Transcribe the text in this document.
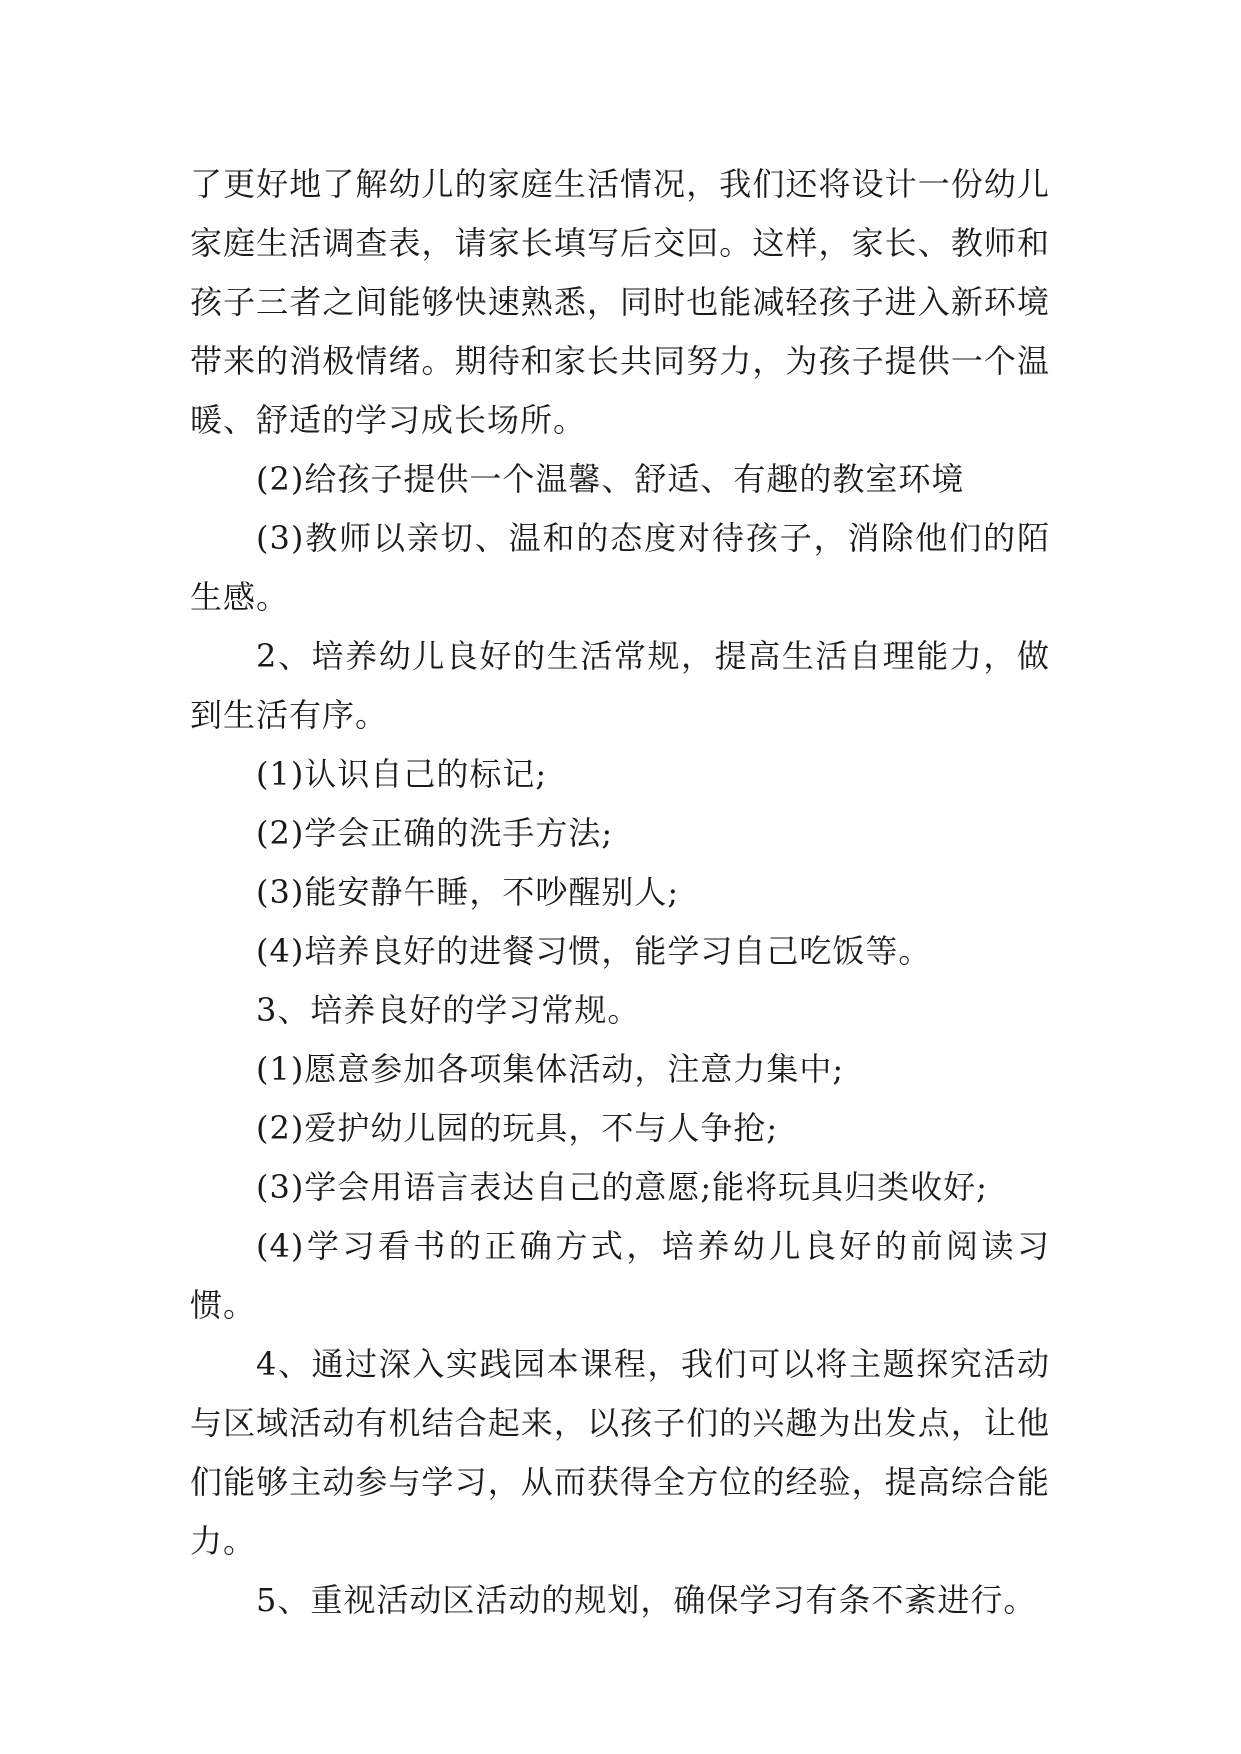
了更好地了解幼儿的家庭生活情况，我们还将设计一份幼儿家庭生活调查表，请家长填写后交回。这样，家长、教师和孩子三者之间能够快速熟悉，同时也能减轻孩子进入新环境带来的消极情绪。期待和家长共同努力，为孩子提供一个温暖、舒适的学习成长场所。

(2)给孩子提供一个温馨、舒适、有趣的教室环境

(3)教师以亲切、温和的态度对待孩子，消除他们的陌生感。

2、培养幼儿良好的生活常规，提高生活自理能力，做到生活有序。

(1)认识自己的标记;

(2)学会正确的洗手方法;

(3)能安静午睡，不吵醒别人;

(4)培养良好的进餐习惯，能学习自己吃饭等。

3、培养良好的学习常规。

(1)愿意参加各项集体活动，注意力集中;

(2)爱护幼儿园的玩具，不与人争抢;

(3)学会用语言表达自己的意愿;能将玩具归类收好;

(4)学习看书的正确方式，培养幼儿良好的前阅读习惯。

4、通过深入实践园本课程，我们可以将主题探究活动与区域活动有机结合起来，以孩子们的兴趣为出发点，让他们能够主动参与学习，从而获得全方位的经验，提高综合能力。

5、重视活动区活动的规划，确保学习有条不紊进行。
